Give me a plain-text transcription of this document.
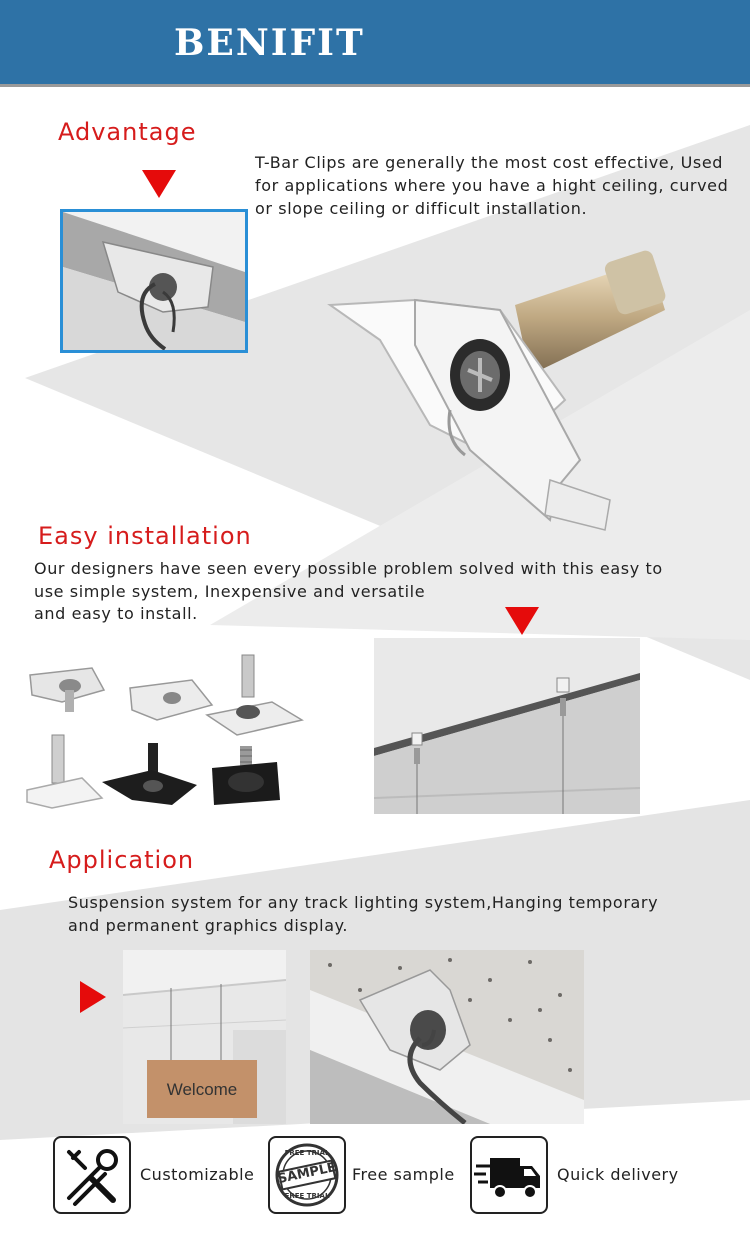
BENIFIT
Advantage
T-Bar Clips are generally the most cost effective, Used
for applications where you have a hight ceiling, curved
or slope ceiling or difficult installation.
Easy installation
Our designers have seen every possible problem solved with this easy to
use simple system, Inexpensive and versatile
and easy to install.
Application
Suspension system for any track lighting system,Hanging temporary
and permanent graphics display.
Welcome
Customizable
FREE TRIAL
SAMPLE
FREE TRIAL
Free sample	Quick delivery
